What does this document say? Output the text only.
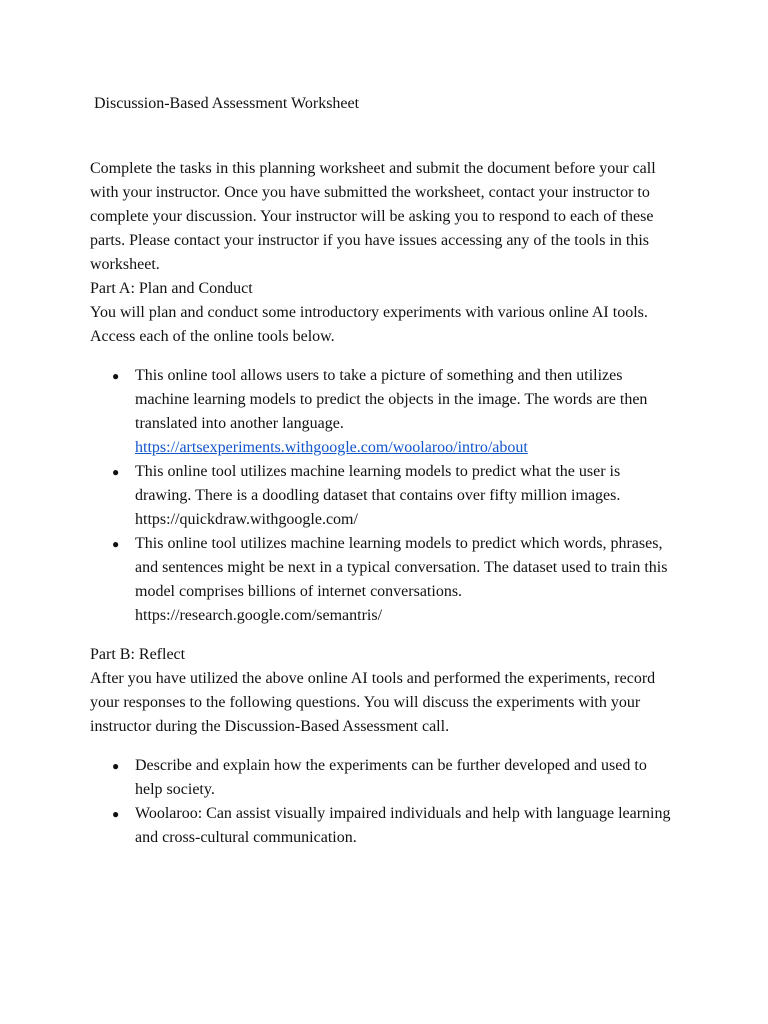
Discussion-Based Assessment Worksheet

Complete the tasks in this planning worksheet and submit the document before your call with your instructor. Once you have submitted the worksheet, contact your instructor to complete your discussion. Your instructor will be asking you to respond to each of these parts. Please contact your instructor if you have issues accessing any of the tools in this worksheet.

Part A: Plan and Conduct

You will plan and conduct some introductory experiments with various online AI tools. Access each of the online tools below.

● This online tool allows users to take a picture of something and then utilizes machine learning models to predict the objects in the image. The words are then translated into another language. https://artsexperiments.withgoogle.com/woolaroo/intro/about
● This online tool utilizes machine learning models to predict what the user is drawing. There is a doodling dataset that contains over fifty million images. https://quickdraw.withgoogle.com/
● This online tool utilizes machine learning models to predict which words, phrases, and sentences might be next in a typical conversation. The dataset used to train this model comprises billions of internet conversations. https://research.google.com/semantris/

Part B: Reflect

After you have utilized the above online AI tools and performed the experiments, record your responses to the following questions. You will discuss the experiments with your instructor during the Discussion-Based Assessment call.

● Describe and explain how the experiments can be further developed and used to help society.
● Woolaroo: Can assist visually impaired individuals and help with language learning and cross-cultural communication.
